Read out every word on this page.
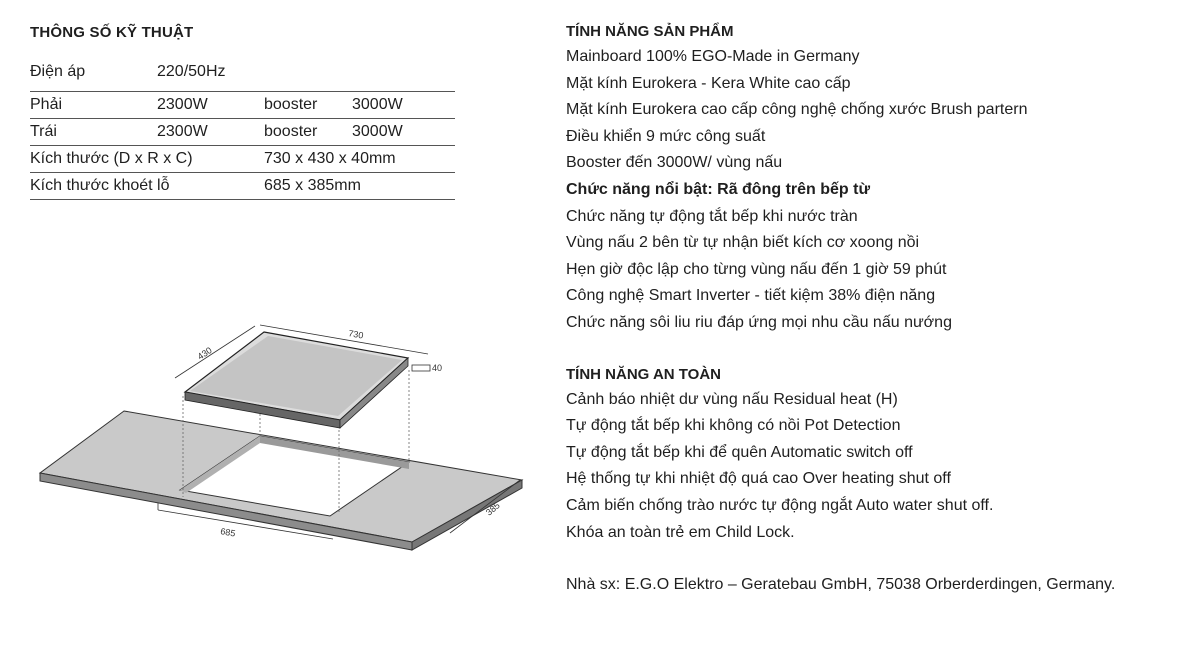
THÔNG SỐ KỸ THUẬT
Điện áp	220/50Hz
Phải	2300W	booster 3000W
Trái	2300W	booster 3000W
Kích thước (D x R x C)	730 x 430 x 40mm
Kích thước khoét lỗ	685 x 385mm
685
385
730
430
40
TÍNH NĂNG SẢN PHẨM
Mainboard 100% EGO-Made in Germany
Mặt kính Eurokera - Kera White cao cấp
Mặt kính Eurokera cao cấp công nghệ chống xước Brush partern
Điều khiển 9 mức công suất
Booster đến 3000W/ vùng nấu
Chức năng nổi bật: Rã đông trên bếp từ
Chức năng tự động tắt bếp khi nước tràn
Vùng nấu 2 bên từ tự nhận biết kích cơ xoong nồi
Hẹn giờ độc lập cho từng vùng nấu đến 1 giờ 59 phút
Công nghệ Smart Inverter - tiết kiệm 38% điện năng
Chức năng sôi liu riu đáp ứng mọi nhu cầu nấu nướng
TÍNH NĂNG AN TOÀN
Cảnh báo nhiệt dư vùng nấu Residual heat (H)
Tự động tắt bếp khi không có nồi Pot Detection
Tự động tắt bếp khi để quên Automatic switch off
Hệ thống tự khi nhiệt độ quá cao Over heating shut off
Cảm biến chống trào nước tự động ngắt Auto water shut off.
Khóa an toàn trẻ em Child Lock.
Nhà sx: E.G.O Elektro – Geratebau GmbH, 75038 Orberderdingen, Germany.
